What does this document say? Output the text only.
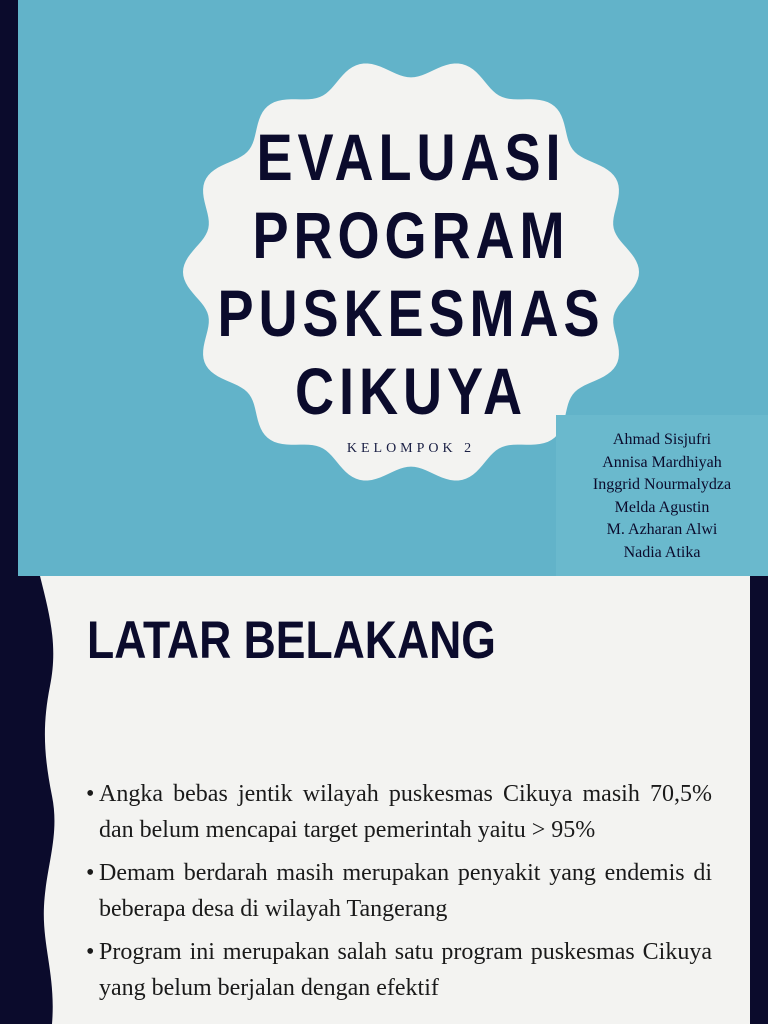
EVALUASI
PROGRAM
PUSKESMAS
CIKUYA
KELOMPOK 2
Ahmad Sisjufri
Annisa Mardhiyah
Inggrid Nourmalydza
Melda Agustin
M. Azharan Alwi
Nadia Atika
LATAR BELAKANG
• Angka bebas jentik wilayah puskesmas Cikuya masih 70,5% dan belum mencapai target pemerintah yaitu > 95%
• Demam berdarah masih merupakan penyakit yang endemis di beberapa desa di wilayah Tangerang
• Program ini merupakan salah satu program puskesmas Cikuya yang belum berjalan dengan efektif
